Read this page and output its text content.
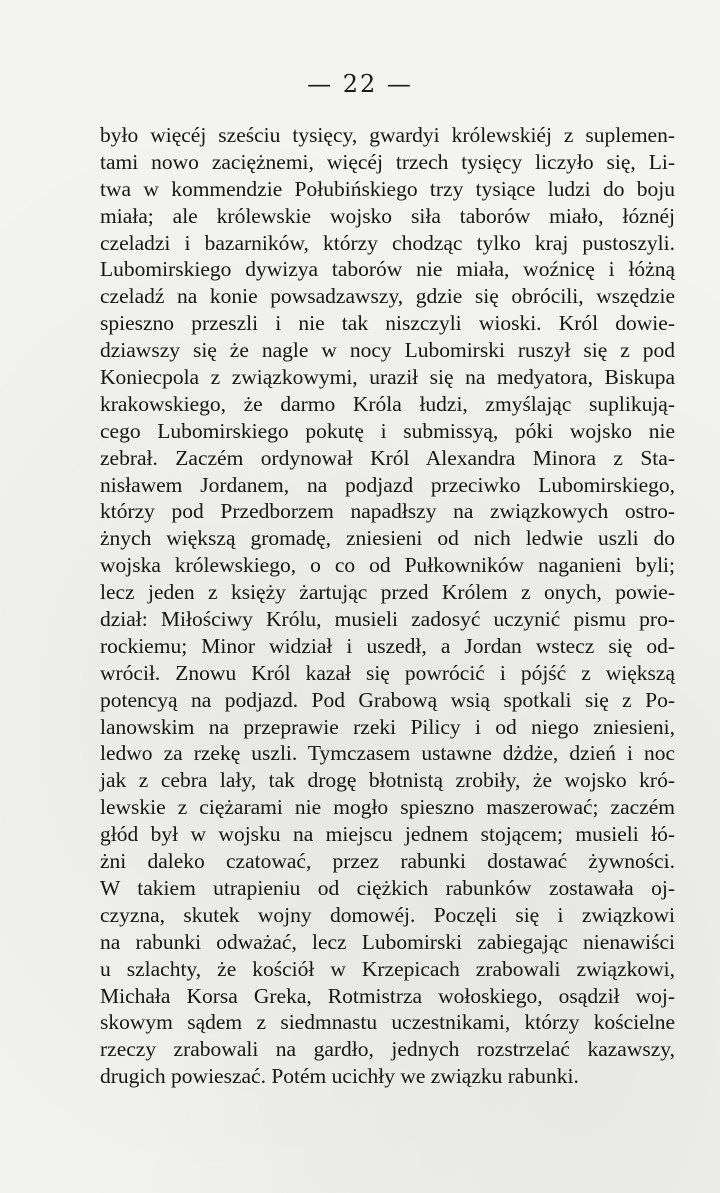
— 22 —
było więcéj sześciu tysięcy, gwardyi królewskiéj z suplemen-
tami nowo zaciężnemi, więcéj trzech tysięcy liczyło się, Li-
twa w kommendzie Połubińskiego trzy tysiące ludzi do boju
miała; ale królewskie wojsko siła taborów miało, łóznéj
czeladzi i bazarników, którzy chodząc tylko kraj pustoszyli.
Lubomirskiego dywizya taborów nie miała, woźnicę i łóżną
czeladź na konie powsadzawszy, gdzie się obrócili, wszędzie
spieszno przeszli i nie tak niszczyli wioski. Król dowie-
dziawszy się że nagle w nocy Lubomirski ruszył się z pod
Koniecpola z związkowymi, uraził się na medyatora, Biskupa
krakowskiego, że darmo Króla łudzi, zmyślając suplikują-
cego Lubomirskiego pokutę i submissyą, póki wojsko nie
zebrał. Zaczém ordynował Król Alexandra Minora z Sta-
nisławem Jordanem, na podjazd przeciwko Lubomirskiego,
którzy pod Przedborzem napadłszy na związkowych ostro-
żnych większą gromadę, zniesieni od nich ledwie uszli do
wojska królewskiego, o co od Pułkowników naganieni byli;
lecz jeden z księży żartując przed Królem z onych, powie-
dział: Miłościwy Królu, musieli zadosyć uczynić pismu pro-
rockiemu; Minor widział i uszedł, a Jordan wstecz się od-
wrócił. Znowu Król kazał się powrócić i pójść z większą
potencyą na podjazd. Pod Grabową wsią spotkali się z Po-
lanowskim na przeprawie rzeki Pilicy i od niego zniesieni,
ledwo za rzekę uszli. Tymczasem ustawne dżdże, dzień i noc
jak z cebra lały, tak drogę błotnistą zrobiły, że wojsko kró-
lewskie z ciężarami nie mogło spieszno maszerować; zaczém
głód był w wojsku na miejscu jednem stojącem; musieli łó-
żni daleko czatować, przez rabunki dostawać żywności.
W takiem utrapieniu od ciężkich rabunków zostawała oj-
czyzna, skutek wojny domowéj. Poczęli się i związkowi
na rabunki odważać, lecz Lubomirski zabiegając nienawiści
u szlachty, że kościół w Krzepicach zrabowali związkowi,
Michała Korsa Greka, Rotmistrza wołoskiego, osądził woj-
skowym sądem z siedmnastu uczestnikami, którzy kościelne
rzeczy zrabowali na gardło, jednych rozstrzelać kazawszy,
drugich powieszać. Potém ucichły we związku rabunki.
